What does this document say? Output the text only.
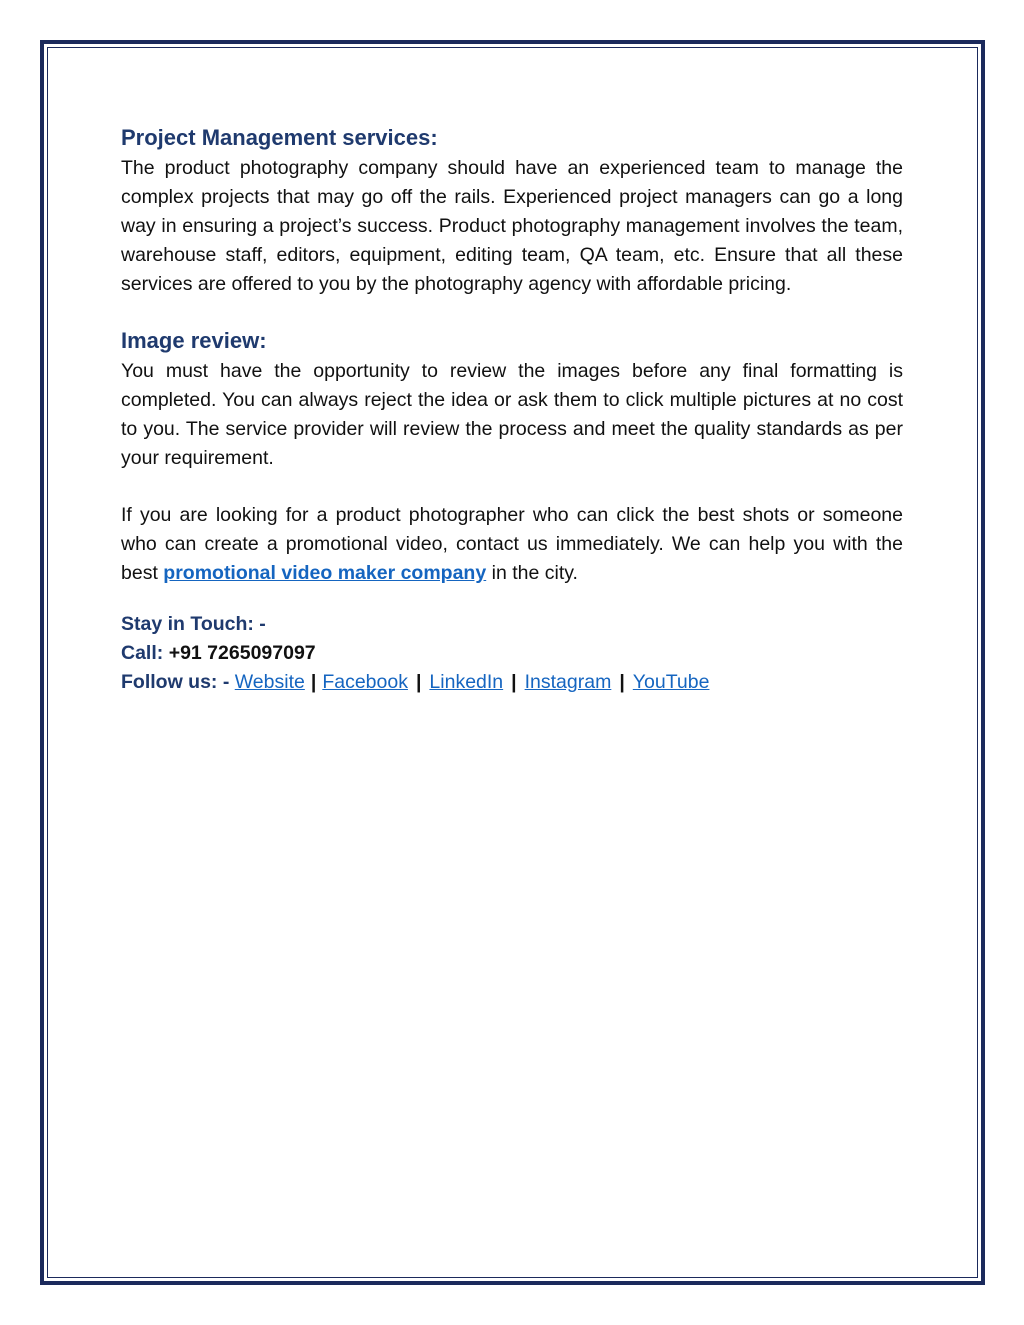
Project Management services:

The product photography company should have an experienced team to manage the complex projects that may go off the rails. Experienced project managers can go a long way in ensuring a project’s success. Product photography management involves the team, warehouse staff, editors, equipment, editing team, QA team, etc. Ensure that all these services are offered to you by the photography agency with affordable pricing.

Image review:

You must have the opportunity to review the images before any final formatting is completed. You can always reject the idea or ask them to click multiple pictures at no cost to you. The service provider will review the process and meet the quality standards as per your requirement.

If you are looking for a product photographer who can click the best shots or someone who can create a promotional video, contact us immediately. We can help you with the best promotional video maker company in the city.

Stay in Touch: -
Call: +91 7265097097
Follow us: - Website | Facebook | LinkedIn | Instagram | YouTube
